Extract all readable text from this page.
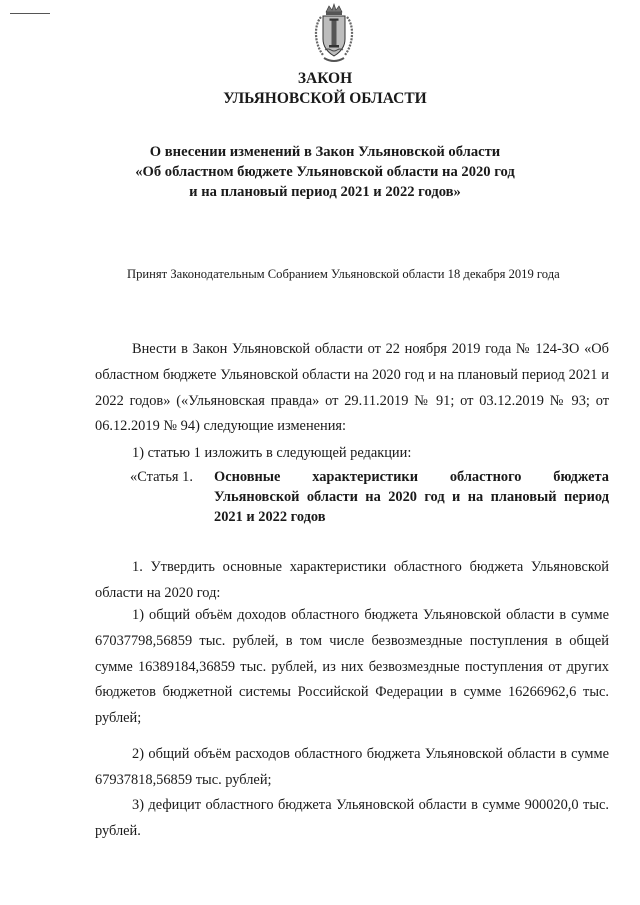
ЗАКОН
УЛЬЯНОВСКОЙ ОБЛАСТИ
О внесении изменений в Закон Ульяновской области
«Об областном бюджете Ульяновской области на 2020 год
и на плановый период 2021 и 2022 годов»
Принят Законодательным Собранием Ульяновской области 18 декабря 2019 года
Внести в Закон Ульяновской области от 22 ноября 2019 года № 124-ЗО «Об областном бюджете Ульяновской области на 2020 год и на плановый период 2021 и 2022 годов» («Ульяновская правда» от 29.11.2019 № 91; от 03.12.2019 № 93; от 06.12.2019 № 94) следующие изменения:
1) статью 1 изложить в следующей редакции:
«Статья 1. Основные характеристики областного бюджета
Ульяновской области на 2020 год и на плановый период
2021 и 2022 годов
1. Утвердить основные характеристики областного бюджета Ульяновской области на 2020 год:
1) общий объём доходов областного бюджета Ульяновской области в сумме 67037798,56859 тыс. рублей, в том числе безвозмездные поступления в общей сумме 16389184,36859 тыс. рублей, из них безвозмездные поступления от других бюджетов бюджетной системы Российской Федерации в сумме 16266962,6 тыс. рублей;
2) общий объём расходов областного бюджета Ульяновской области в сумме 67937818,56859 тыс. рублей;
3) дефицит областного бюджета Ульяновской области в сумме 900020,0 тыс. рублей.
